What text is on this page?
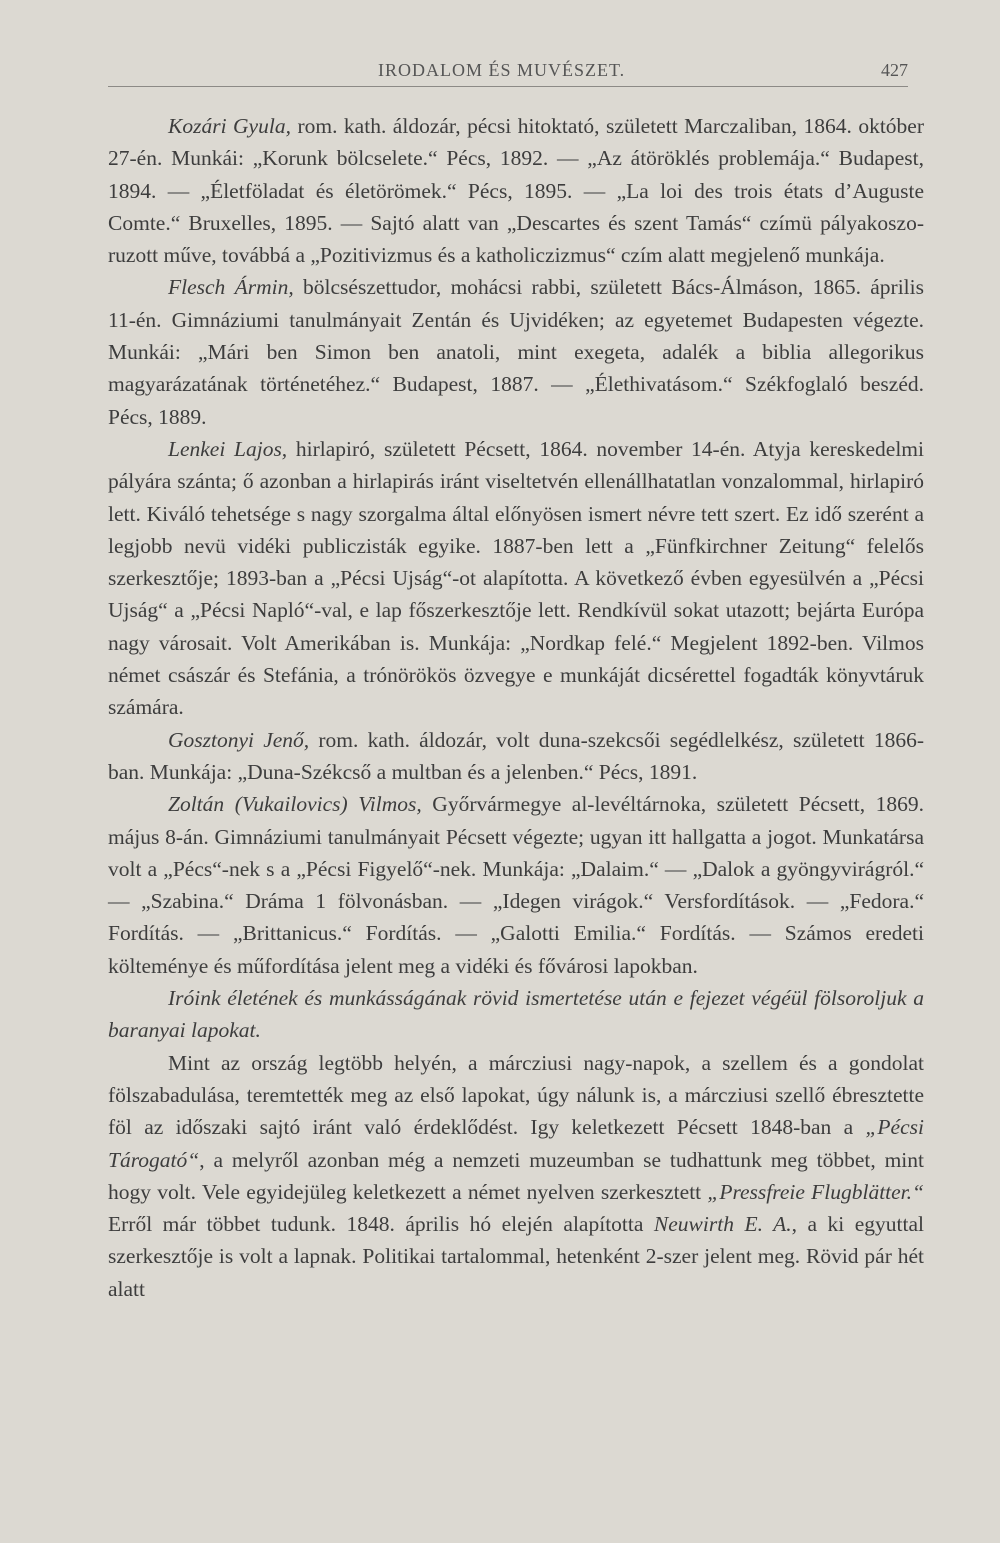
IRODALOM ÉS MUVÉSZET.	427

Kozári Gyula, rom. kath. áldozár, pécsi hitoktató, született Marczaliban, 1864. október 27-én. Munkái: „Korunk bölcselete.“ Pécs, 1892. — „Az átöröklés problemája.“ Budapest, 1894. — „Életföladat és életörömek.“ Pécs, 1895. — „La loi des trois états d’Auguste Comte.“ Bruxelles, 1895. — Sajtó alatt van „Descartes és szent Tamás“ czímü pályakoszoruzott műve, továbbá a „Pozitivizmus és a katholiczizmus“ czím alatt megjelenő munkája.

Flesch Ármin, bölcsészettudor, mohácsi rabbi, született Bács-Álmáson, 1865. április 11-én. Gimnáziumi tanulmányait Zentán és Ujvidéken; az egyetemet Budapesten végezte. Munkái: „Mári ben Simon ben anatoli, mint exegeta, adalék a biblia allegorikus magyarázatának történetéhez.“ Budapest, 1887. — „Élethivatásom.“ Székfoglaló beszéd. Pécs, 1889.

Lenkei Lajos, hirlapiró, született Pécsett, 1864. november 14-én. Atyja kereskedelmi pályára szánta; ő azonban a hirlapirás iránt viseltetvén ellenállhatatlan vonzalommal, hirlapiró lett. Kiváló tehetsége s nagy szorgalma által előnyösen ismert névre tett szert. Ez idő szerént a legjobb nevü vidéki publiczisták egyike. 1887-ben lett a „Fünfkirchner Zeitung“ felelős szerkesztője; 1893-ban a „Pécsi Ujság“-ot alapította. A következő évben egyesülvén a „Pécsi Ujság“ a „Pécsi Napló“-val, e lap főszerkesztője lett. Rendkívül sokat utazott; bejárta Európa nagy városait. Volt Amerikában is. Munkája: „Nordkap felé.“ Megjelent 1892-ben. Vilmos német császár és Stefánia, a trónörökös özvegye e munkáját dicsérettel fogadták könyvtáruk számára.

Gosztonyi Jenő, rom. kath. áldozár, volt duna-szekcsői segédlelkész, született 1866-ban. Munkája: „Duna-Székcső a multban és a jelenben.“ Pécs, 1891.

Zoltán (Vukailovics) Vilmos, Győrvármegye al-levéltárnoka, született Pécsett, 1869. május 8-án. Gimnáziumi tanulmányait Pécsett végezte; ugyan itt hallgatta a jogot. Munkatársa volt a „Pécs“-nek s a „Pécsi Figyelő“-nek. Munkája: „Dalaim.“ — „Dalok a gyöngyvirágról.“ — „Szabina.“ Dráma 1 fölvonásban. — „Idegen virágok.“ Versfordítások. — „Fedora.“ Fordítás. — „Brittanicus.“ Fordítás. — „Galotti Emilia.“ Fordítás. — Számos eredeti költeménye és műfordítása jelent meg a vidéki és fővárosi lapokban.

Iróink életének és munkásságának rövid ismertetése után e fejezet végéül fölsoroljuk a baranyai lapokat.

Mint az ország legtöbb helyén, a márcziusi nagy-napok, a szellem és a gondolat fölszabadulása, teremtették meg az első lapokat, úgy nálunk is, a márcziusi szellő ébresztette föl az időszaki sajtó iránt való érdeklődést. Igy keletkezett Pécsett 1848-ban a „Pécsi Tárogató“, a melyről azonban még a nemzeti muzeumban se tudhattunk meg többet, mint hogy volt. Vele egyidejüleg keletkezett a német nyelven szerkesztett „Pressfreie Flugblätter.“ Erről már többet tudunk. 1848. április hó elején alapította Neuwirth E. A., a ki egyuttal szerkesztője is volt a lapnak. Politikai tartalommal, hetenként 2-szer jelent meg. Rövid pár hét alatt
